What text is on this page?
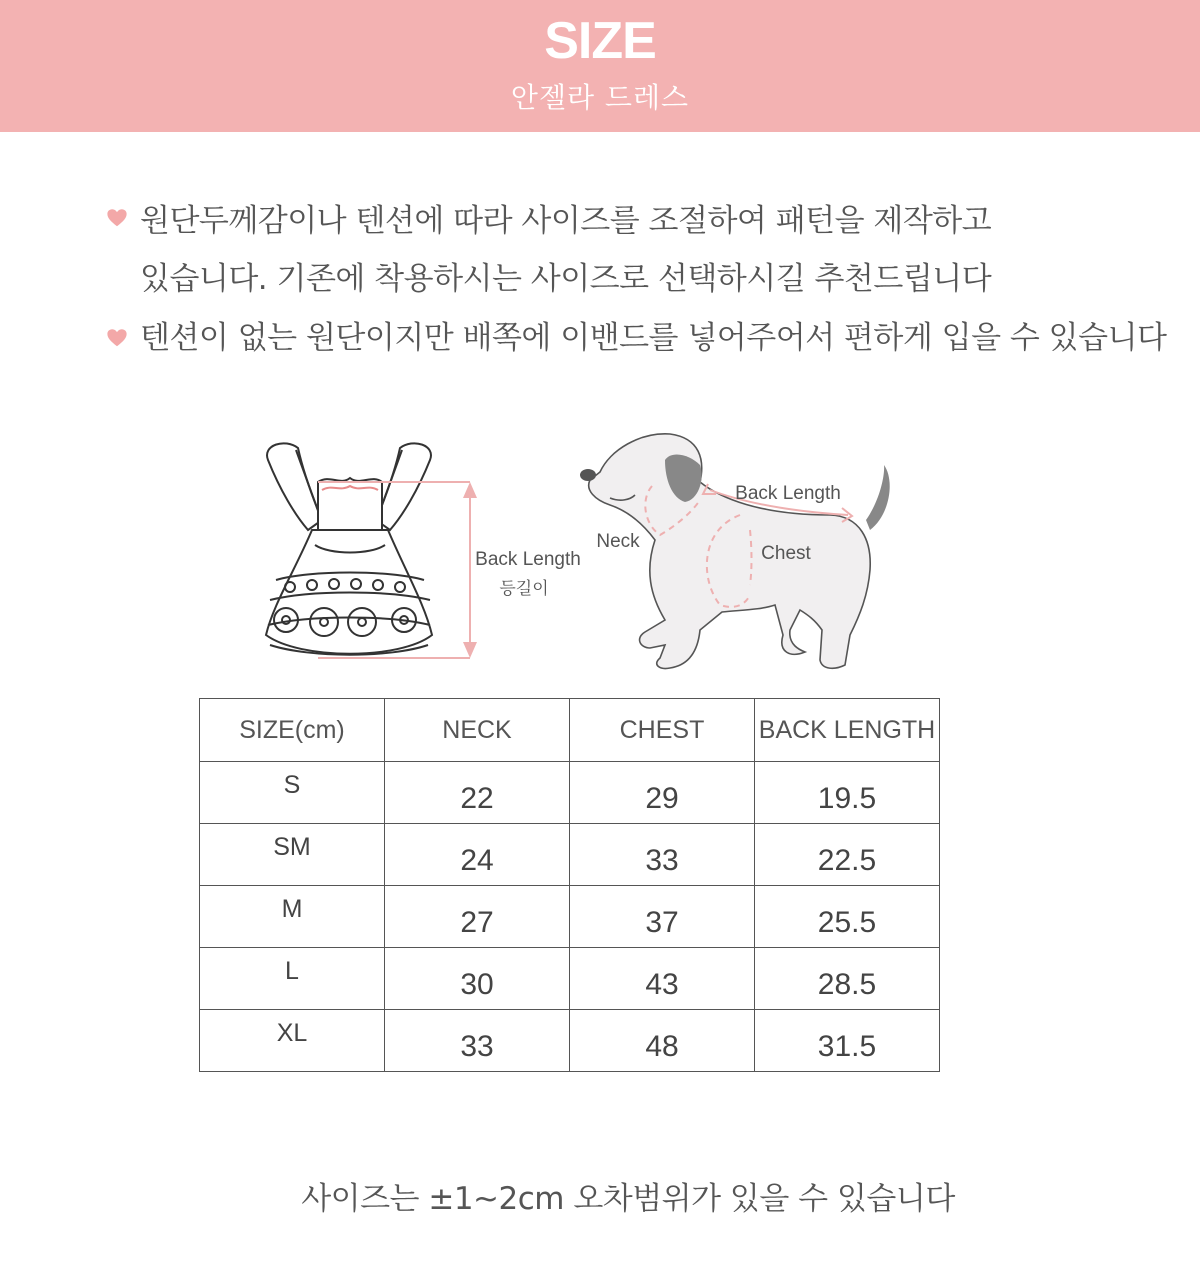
SIZE
안젤라 드레스
원단두께감이나 텐션에 따라 사이즈를 조절하여 패턴을 제작하고
있습니다. 기존에 착용하시는 사이즈로 선택하시길 추천드립니다
텐션이 없는 원단이지만 배쪽에 이밴드를 넣어주어서 편하게 입을 수 있습니다
Back Length
등길이
Back Length
Neck
Chest
SIZE(cm)	NECK	CHEST	BACK LENGTH
S	22	29	19.5
SM	24	33	22.5
M	27	37	25.5
L	30	43	28.5
XL	33	48	31.5
사이즈는 ±1~2cm 오차범위가 있을 수 있습니다
